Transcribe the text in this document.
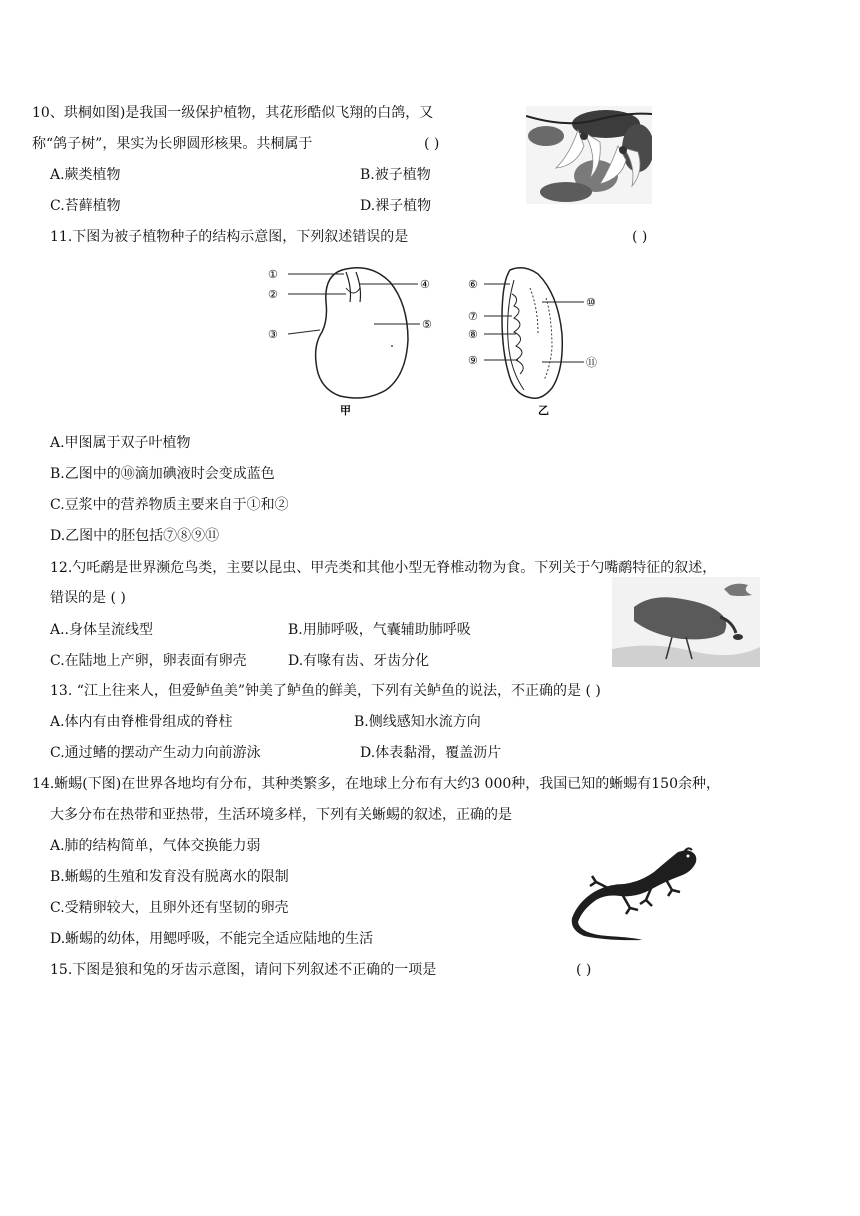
10、珙桐如图)是我国一级保护植物，其花形酷似飞翔的白鸽，又
称“鸽子树”，果实为长卵圆形核果。共桐属于	( )
A.蕨类植物	B.被子植物
C.苔藓植物	D.裸子植物
11.下图为被子植物种子的结构示意图，下列叙述错误的是	( )
①
②
③
④
⑤
甲
⑥
⑦
⑧
⑨
⑩
⑪
乙
A.甲图属于双子叶植物
B.乙图中的⑩滴加碘液时会变成蓝色
C.豆浆中的营养物质主要来自于①和②
D.乙图中的胚包括⑦⑧⑨⑪
12.勺吒鹬是世界濒危鸟类，主要以昆虫、甲壳类和其他小型无脊椎动物为食。下列关于勺嘴鹬特征的叙述，
错误的是 ( )
A..身体呈流线型	B.用肺呼吸，气囊辅助肺呼吸
C.在陆地上产卵，卵表面有卵壳	D.有喙有齿、牙齿分化
13. “江上往来人，但爱鲈鱼美”钟美了鲈鱼的鲜美，下列有关鲈鱼的说法，不正确的是 ( )
A.体内有由脊椎骨组成的脊柱	B.侧线感知水流方向
C.通过鳍的摆动产生动力向前游泳	D.体表黏滑，覆盖沥片
14.蜥蜴(下图)在世界各地均有分布，其种类繁多，在地球上分布有大约3 000种，我国已知的蜥蜴有150余种，
大多分布在热带和亚热带，生活环境多样，下列有关蜥蜴的叙述，正确的是
A.肺的结构简单，气体交换能力弱
B.蜥蜴的生殖和发育没有脱离水的限制
C.受精卵较大，且卵外还有坚韧的卵壳
D.蜥蜴的幼体，用鳃呼吸，不能完全适应陆地的生活
15.下图是狼和兔的牙齿示意图，请问下列叙述不正确的一项是	( )
